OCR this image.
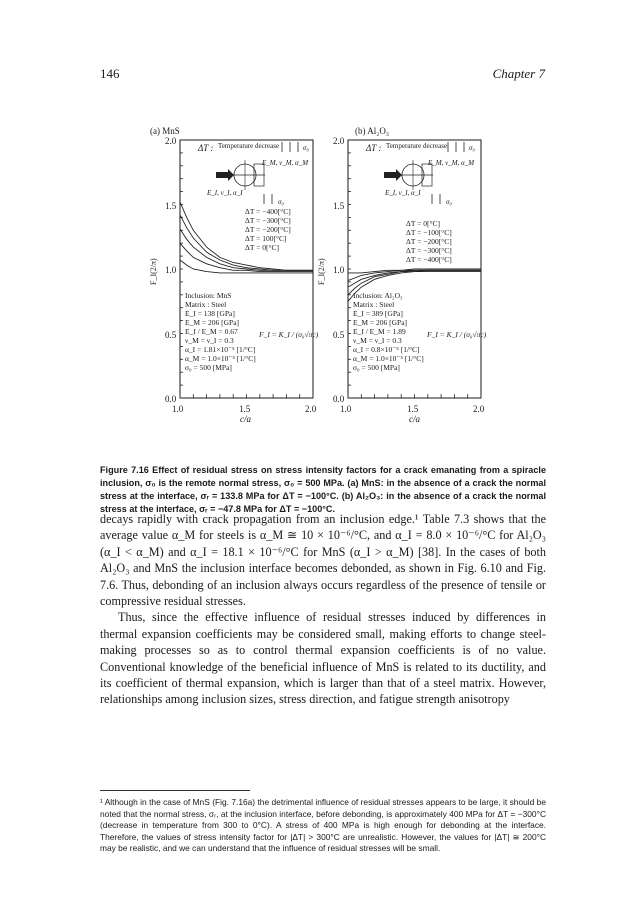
146	Chapter 7
(a) MnS
2.0
1.5
1.0
0.5
0.0
1.0	1.5	2.0
c/a
F_I(2/π)
ΔT : Temperature decrease	σ₀
E_M, ν_M, α_M
E_I, ν_I, α_I
σ₀
ΔT = −400[°C]
ΔT = −300[°C]
ΔT = −200[°C]
ΔT = 100[°C]
ΔT = 0[°C]
Inclusion: MnS
Matrix : Steel
E_I = 138 [GPa]
E_M = 206 [GPa]
E_I / E_M = 0.67
ν_M = ν_I = 0.3
α_I = 1.81×10⁻⁵ [1/°C]
α_M = 1.0×10⁻⁵ [1/°C]
σ₀ = 500 [MPa]
F_I = K_I / (σ₀√πc)
(b) Al₂O₃
2.0
1.5
1.0
0.5
0.0
1.0	1.5	2.0
c/a
F_I(2/π)
ΔT : Temperature decrease	σ₀
E_M, ν_M, α_M
E_I, ν_I, α_I
σ₀
ΔT = 0[°C]
ΔT = −100[°C]
ΔT = −200[°C]
ΔT = −300[°C]
ΔT = −400[°C]
Inclusion: Al₂O₃
Matrix : Steel
E_I = 389 [GPa]
E_M = 206 [GPa]
E_I / E_M = 1.89
ν_M = ν_I = 0.3
α_I = 0.8×10⁻⁵ [1/°C]
α_M = 1.0×10⁻⁵ [1/°C]
σ₀ = 500 [MPa]
F_I = K_I / (σ₀√πc)
Figure 7.16 Effect of residual stress on stress intensity factors for a crack emanating from a spiracle inclusion, σ₀ is the remote normal stress, σ₀ = 500 MPa. (a) MnS: in the absence of a crack the normal stress at the interface, σᵣ = 133.8 MPa for ΔT = −100°C. (b) Al₂O₃: in the absence of a crack the normal stress at the interface, σᵣ = −47.8 MPa for ΔT = −100°C.

decays rapidly with crack propagation from an inclusion edge.¹ Table 7.3 shows that the average value α_M for steels is α_M ≅ 10 × 10⁻⁶/°C, and α_I = 8.0 × 10⁻⁶/°C for Al₂O₃ (α_I < α_M) and α_I = 18.1 × 10⁻⁶/°C for MnS (α_I > α_M) [38]. In the cases of both Al₂O₃ and MnS the inclusion interface becomes debonded, as shown in Fig. 6.10 and Fig. 7.6. Thus, debonding of an inclusion always occurs regardless of the presence of tensile or compressive residual stresses.

Thus, since the effective influence of residual stresses induced by differences in thermal expansion coefficients may be considered small, making efforts to change steel-making processes so as to control thermal expansion coefficients is of no value. Conventional knowledge of the beneficial influence of MnS is related to its ductility, and its coefficient of thermal expansion, which is larger than that of a steel matrix. However, relationships among inclusion sizes, stress direction, and fatigue strength anisotropy

¹ Although in the case of MnS (Fig. 7.16a) the detrimental influence of residual stresses appears to be large, it should be noted that the normal stress, σᵣ, at the inclusion interface, before debonding, is approximately 400 MPa for ΔT = −300°C (decrease in temperature from 300 to 0°C). A stress of 400 MPa is high enough for debonding at the interface. Therefore, the values of stress intensity factor for |ΔT| > 300°C are unrealistic. However, the values for |ΔT| ≅ 200°C may be realistic, and we can understand that the influence of residual stresses will be small.
